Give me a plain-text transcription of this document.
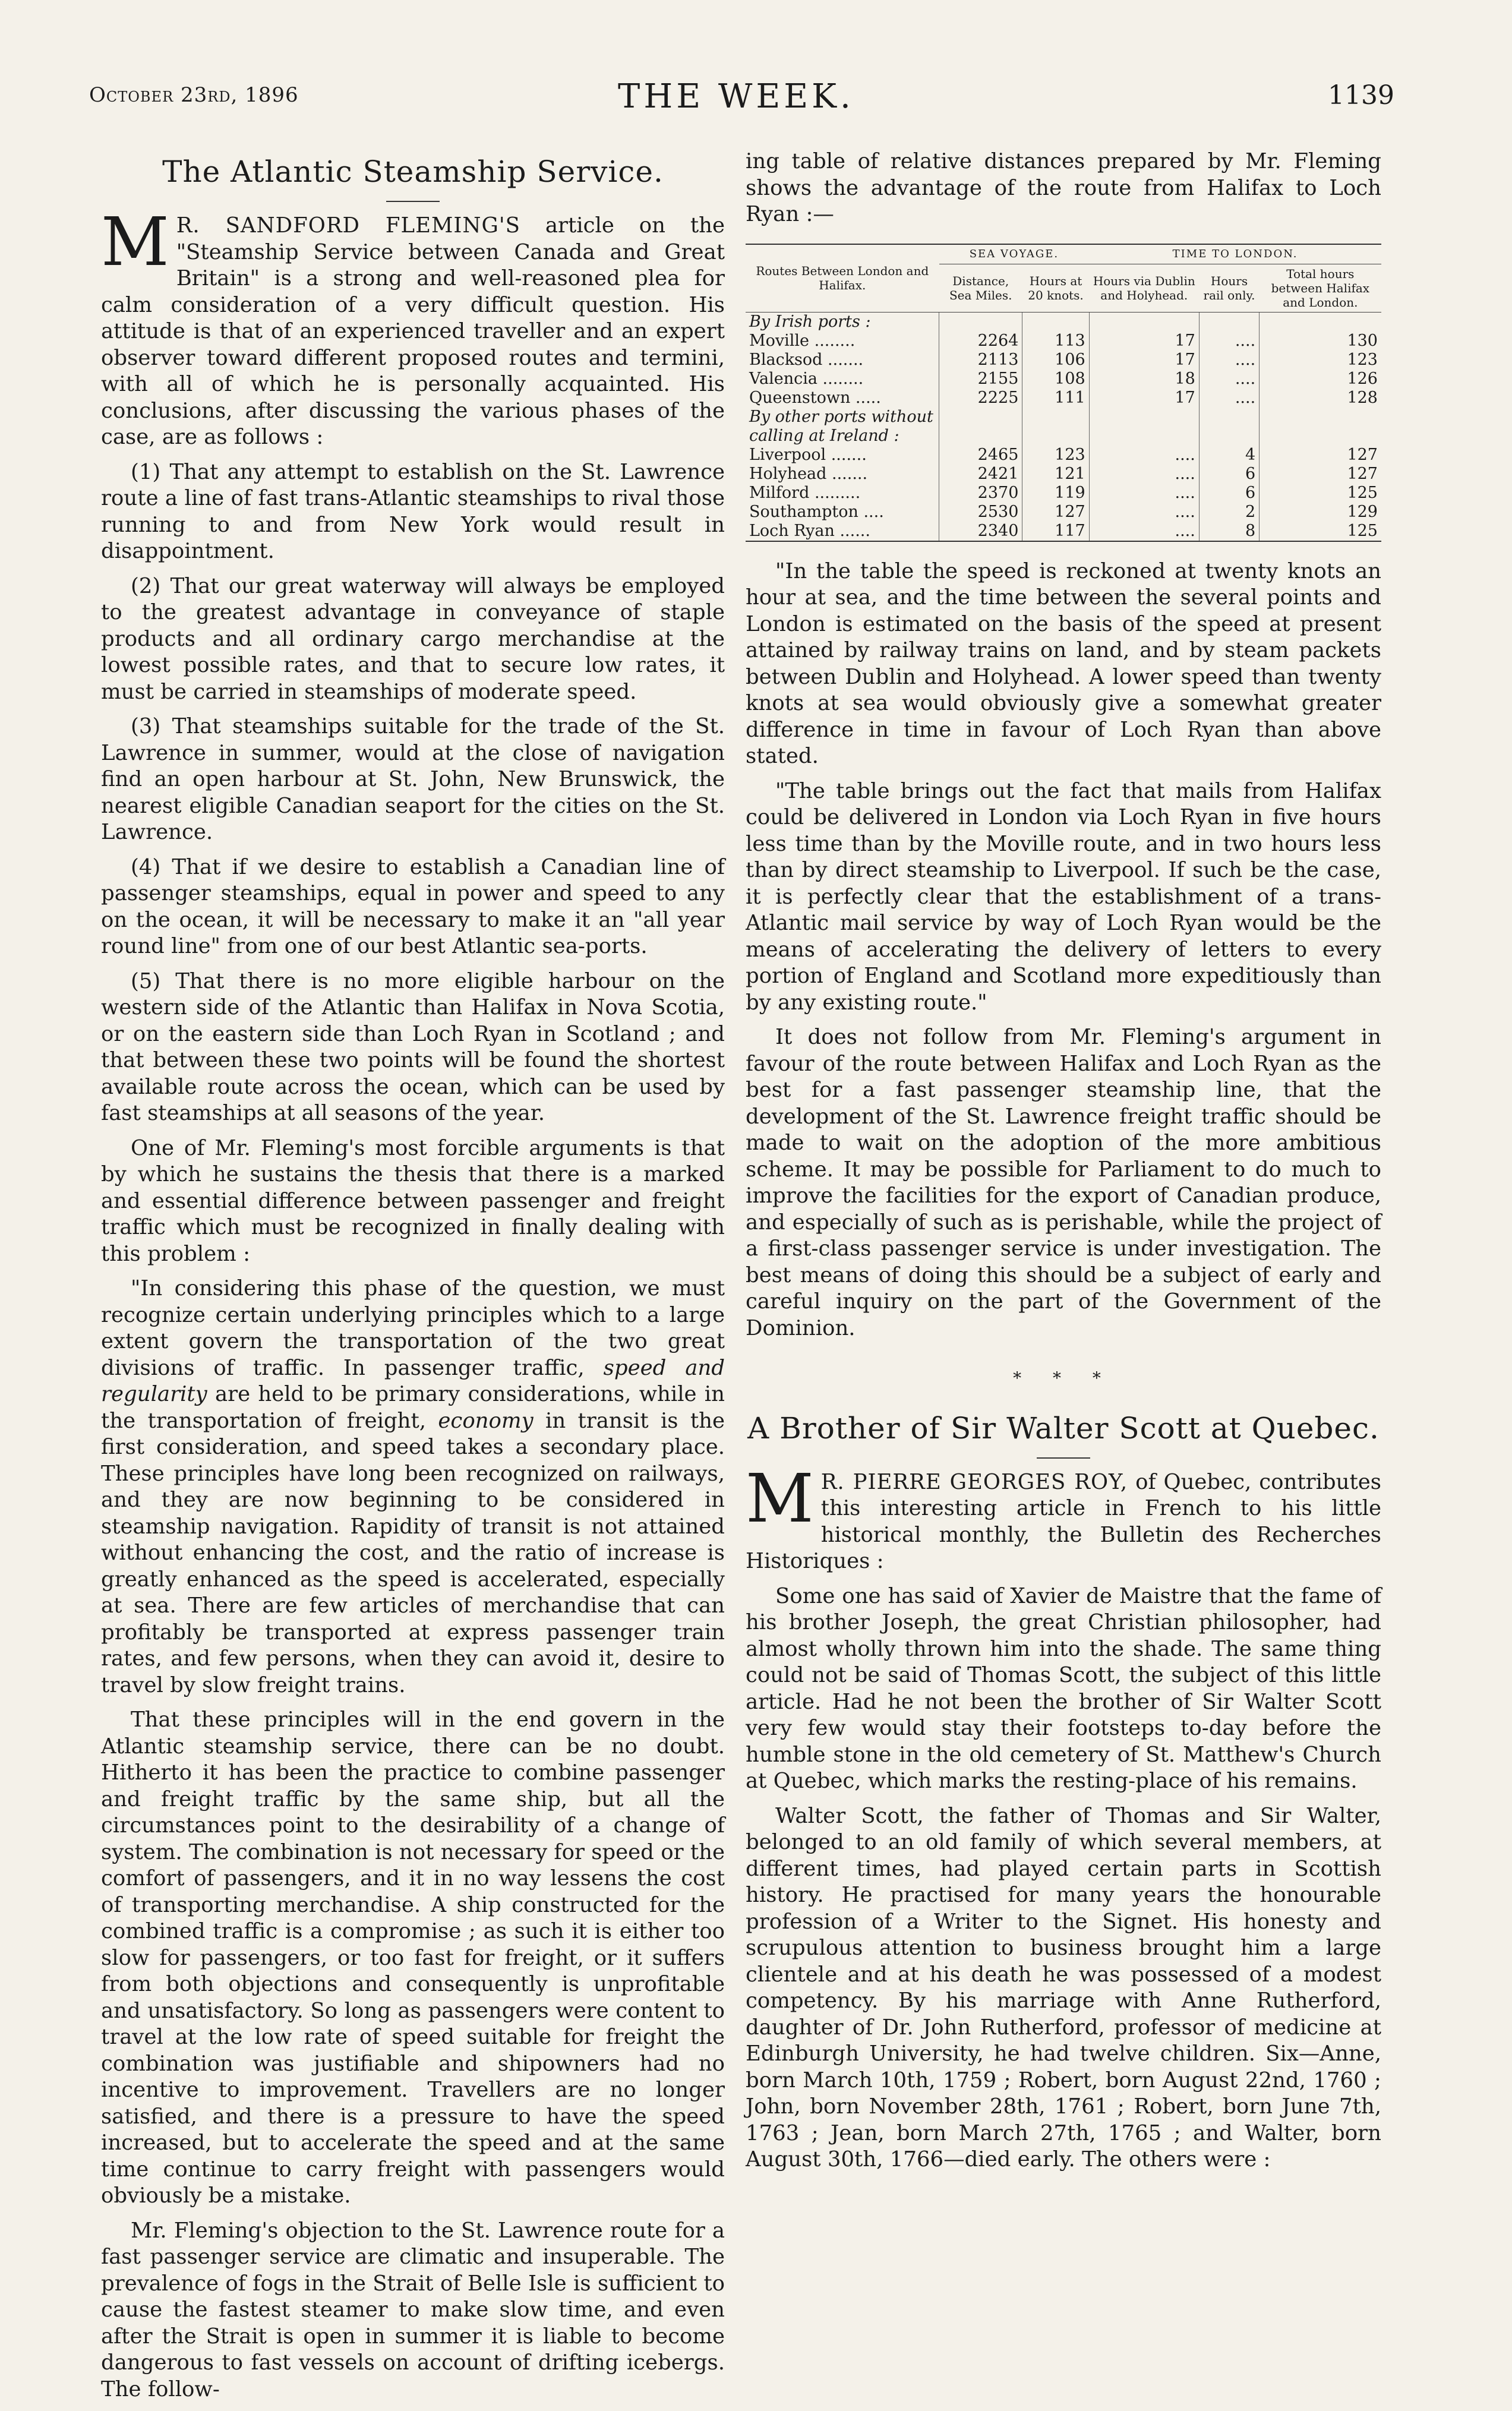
October 23rd, 1896	THE WEEK.	1139
The Atlantic Steamship Service.

M R. SANDFORD FLEMING'S article on the "Steamship Service between Canada and Great Britain" is a strong and well-reasoned plea for calm consideration of a very difficult question. His attitude is that of an experienced traveller and an expert observer toward different proposed routes and termini, with all of which he is personally acquainted. His conclusions, after discussing the various phases of the case, are as follows :

(1) That any attempt to establish on the St. Lawrence route a line of fast trans-Atlantic steamships to rival those running to and from New York would result in disappointment.

(2) That our great waterway will always be employed to the greatest advantage in conveyance of staple products and all ordinary cargo merchandise at the lowest possible rates, and that to secure low rates, it must be carried in steamships of moderate speed.

(3) That steamships suitable for the trade of the St. Lawrence in summer, would at the close of navigation find an open harbour at St. John, New Brunswick, the nearest eligible Canadian seaport for the cities on the St. Lawrence.

(4) That if we desire to establish a Canadian line of passenger steamships, equal in power and speed to any on the ocean, it will be necessary to make it an "all year round line" from one of our best Atlantic sea-ports.

(5) That there is no more eligible harbour on the western side of the Atlantic than Halifax in Nova Scotia, or on the eastern side than Loch Ryan in Scotland ; and that between these two points will be found the shortest available route across the ocean, which can be used by fast steamships at all seasons of the year.

One of Mr. Fleming's most forcible arguments is that by which he sustains the thesis that there is a marked and essential difference between passenger and freight traffic which must be recognized in finally dealing with this problem :

"In considering this phase of the question, we must recognize certain underlying principles which to a large extent govern the transportation of the two great divisions of traffic. In passenger traffic, speed and regularity are held to be primary considerations, while in the transportation of freight, economy in transit is the first consideration, and speed takes a secondary place. These principles have long been recognized on railways, and they are now beginning to be considered in steamship navigation. Rapidity of transit is not attained without enhancing the cost, and the ratio of increase is greatly enhanced as the speed is accelerated, especially at sea. There are few articles of merchandise that can profitably be transported at express passenger train rates, and few persons, when they can avoid it, desire to travel by slow freight trains.

That these principles will in the end govern in the Atlantic steamship service, there can be no doubt. Hitherto it has been the practice to combine passenger and freight traffic by the same ship, but all the circumstances point to the desirability of a change of system. The combination is not necessary for speed or the comfort of passengers, and it in no way lessens the cost of transporting merchandise. A ship constructed for the combined traffic is a compromise ; as such it is either too slow for passengers, or too fast for freight, or it suffers from both objections and consequently is unprofitable and unsatisfactory. So long as passengers were content to travel at the low rate of speed suitable for freight the combination was justifiable and shipowners had no incentive to improvement. Travellers are no longer satisfied, and there is a pressure to have the speed increased, but to accelerate the speed and at the same time continue to carry freight with passengers would obviously be a mistake.

Mr. Fleming's objection to the St. Lawrence route for a fast passenger service are climatic and insuperable. The prevalence of fogs in the Strait of Belle Isle is sufficient to cause the fastest steamer to make slow time, and even after the Strait is open in summer it is liable to become dangerous to fast vessels on account of drifting icebergs. The follow-

ing table of relative distances prepared by Mr. Fleming shows the advantage of the route from Halifax to Loch Ryan :—

Routes Between London and Halifax.	SEA VOYAGE.		TIME TO LONDON.		
	Distance, Sea Miles.	Hours at 20 knots.	Hours via Dublin and Holyhead.	Hours rail only.	Total hours between Halifax and London.
By Irish ports :					
Moville ........	2264	113	17	....	130
Blacksod .......	2113	106	17	....	123
Valencia ........	2155	108	18	....	126
Queenstown .....	2225	111	17	....	128
By other ports without calling at Ireland :					
Liverpool .......	2465	123	....	4	127
Holyhead .......	2421	121	....	6	127
Milford .........	2370	119	....	6	125
Southampton ....	2530	127	....	2	129
Loch Ryan ......	2340	117	....	8	125

"In the table the speed is reckoned at twenty knots an hour at sea, and the time between the several points and London is estimated on the basis of the speed at present attained by railway trains on land, and by steam packets between Dublin and Holyhead. A lower speed than twenty knots at sea would obviously give a somewhat greater difference in time in favour of Loch Ryan than above stated.

"The table brings out the fact that mails from Halifax could be delivered in London via Loch Ryan in five hours less time than by the Moville route, and in two hours less than by direct steamship to Liverpool. If such be the case, it is perfectly clear that the establishment of a trans-Atlantic mail service by way of Loch Ryan would be the means of accelerating the delivery of letters to every portion of England and Scotland more expeditiously than by any existing route."

It does not follow from Mr. Fleming's argument in favour of the route between Halifax and Loch Ryan as the best for a fast passenger steamship line, that the development of the St. Lawrence freight traffic should be made to wait on the adoption of the more ambitious scheme. It may be possible for Parliament to do much to improve the facilities for the export of Canadian produce, and especially of such as is perishable, while the project of a first-class passenger service is under investigation. The best means of doing this should be a subject of early and careful inquiry on the part of the Government of the Dominion.

* * *
A Brother of Sir Walter Scott at Quebec.

M R. PIERRE GEORGES ROY, of Quebec, contributes this interesting article in French to his little historical monthly, the Bulletin des Recherches Historiques :

Some one has said of Xavier de Maistre that the fame of his brother Joseph, the great Christian philosopher, had almost wholly thrown him into the shade. The same thing could not be said of Thomas Scott, the subject of this little article. Had he not been the brother of Sir Walter Scott very few would stay their footsteps to-day before the humble stone in the old cemetery of St. Matthew's Church at Quebec, which marks the resting-place of his remains.

Walter Scott, the father of Thomas and Sir Walter, belonged to an old family of which several members, at different times, had played certain parts in Scottish history. He practised for many years the honourable profession of a Writer to the Signet. His honesty and scrupulous attention to business brought him a large clientele and at his death he was possessed of a modest competency. By his marriage with Anne Rutherford, daughter of Dr. John Rutherford, professor of medicine at Edinburgh University, he had twelve children. Six—Anne, born March 10th, 1759 ; Robert, born August 22nd, 1760 ; John, born November 28th, 1761 ; Robert, born June 7th, 1763 ; Jean, born March 27th, 1765 ; and Walter, born August 30th, 1766—died early. The others were :
